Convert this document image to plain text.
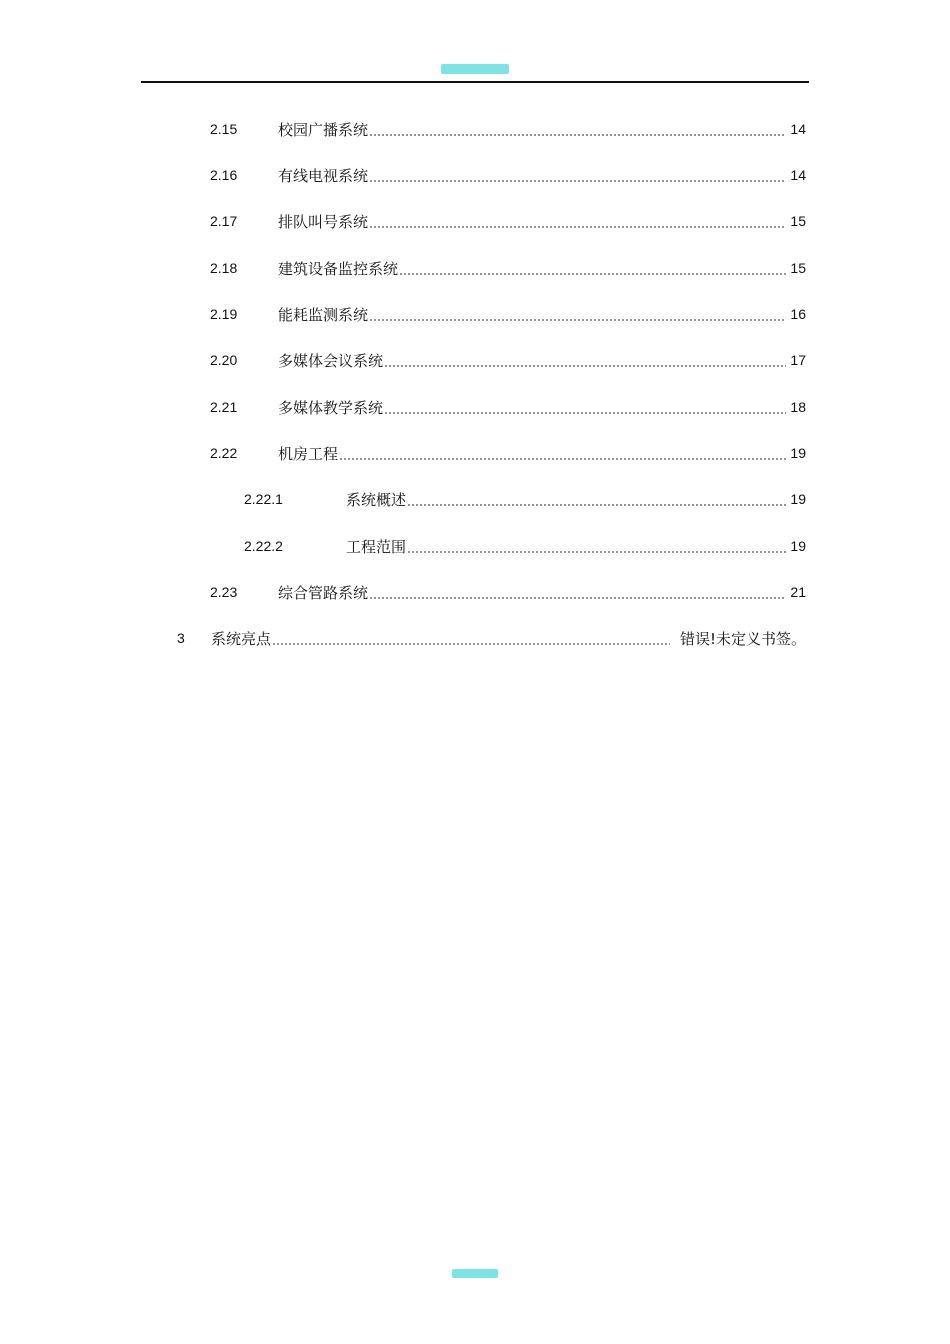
2.15	校园广播系统	14
2.16	有线电视系统	14
2.17	排队叫号系统	15
2.18	建筑设备监控系统	15
2.19	能耗监测系统	16
2.20	多媒体会议系统	17
2.21	多媒体教学系统	18
2.22	机房工程	19
2.22.1	系统概述	19
2.22.2	工程范围	19
2.23	综合管路系统	21
3 系统亮点	错误!未定义书签。
